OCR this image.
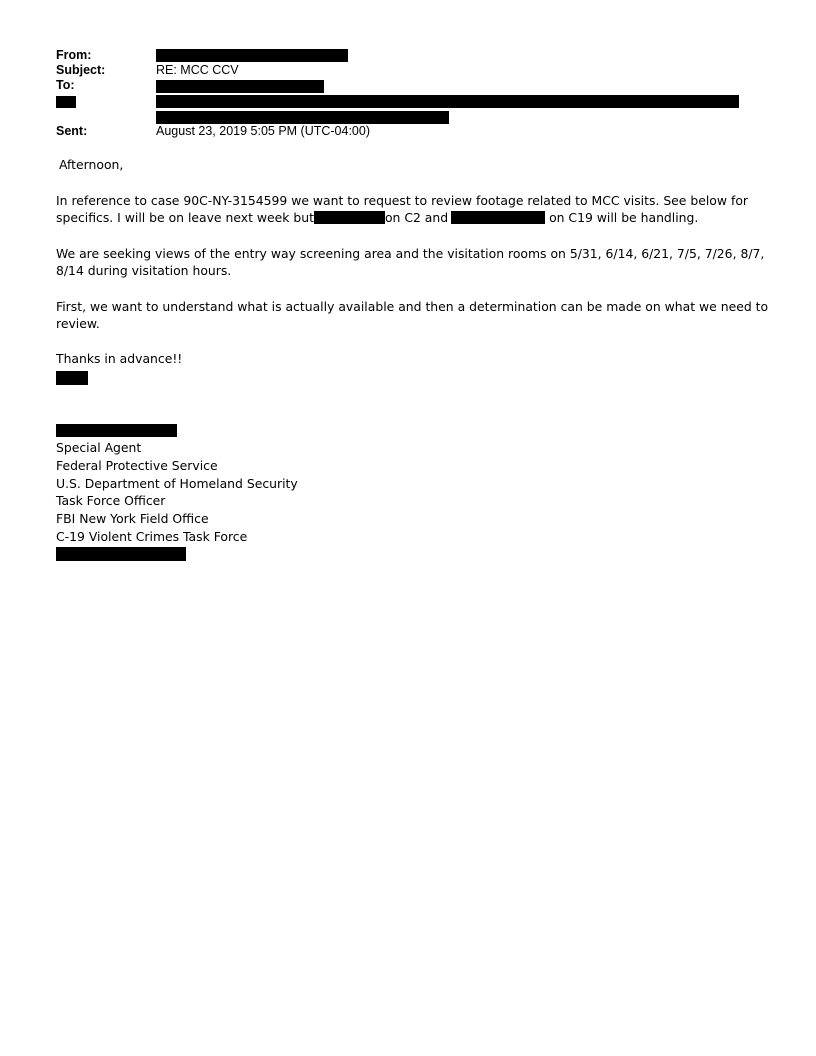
From:
Subject:	RE: MCC CCV
To:
Sent:	August 23, 2019 5:05 PM (UTC-04:00)
Afternoon,
In reference to case 90C-NY-3154599 we want to request to review footage related to MCC visits. See below for
specifics. I will be on leave next week but	on C2 and	on C19 will be handling.
We are seeking views of the entry way screening area and the visitation rooms on 5/31, 6/14, 6/21, 7/5, 7/26, 8/7,
8/14 during visitation hours.
First, we want to understand what is actually available and then a determination can be made on what we need to
review.
Thanks in advance!!
Special Agent
Federal Protective Service
U.S. Department of Homeland Security
Task Force Officer
FBI New York Field Office
C-19 Violent Crimes Task Force
